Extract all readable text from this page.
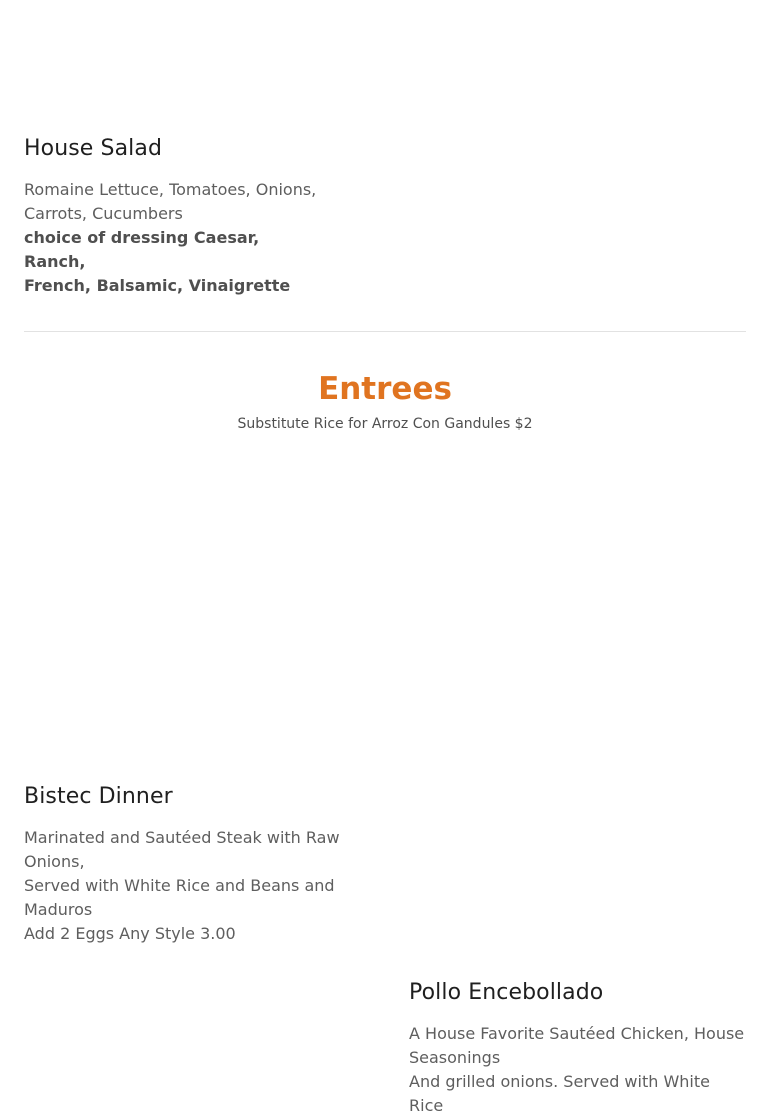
House Salad
Romaine Lettuce, Tomatoes, Onions,
Carrots, Cucumbers
choice of dressing Caesar, Ranch,
French, Balsamic, Vinaigrette
Entrees
Substitute Rice for Arroz Con Gandules $2
Bistec Dinner
Marinated and Sautéed Steak with Raw
Onions,
Served with White Rice and Beans and
Maduros
Add 2 Eggs Any Style 3.00
Pollo Encebollado
A House Favorite Sautéed Chicken, House
Seasonings
And grilled onions. Served with White Rice
